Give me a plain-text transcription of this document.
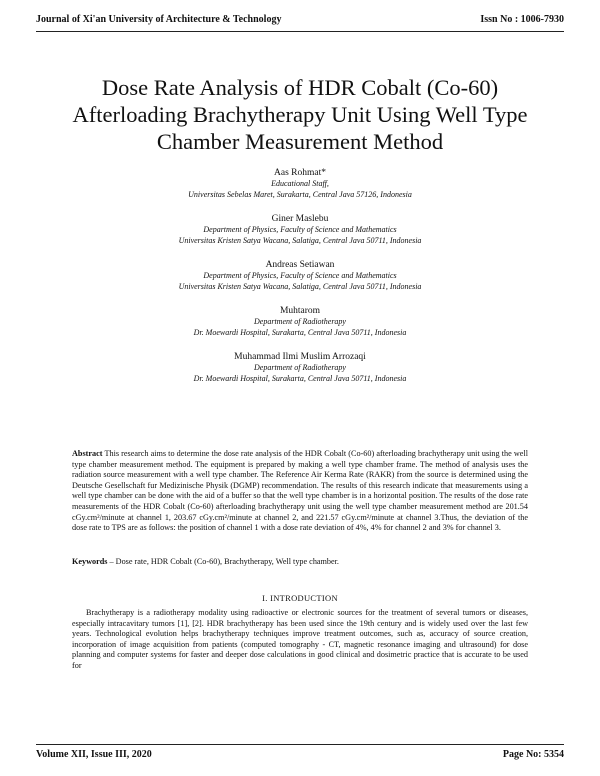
Journal of Xi'an University of Architecture & Technology	Issn No : 1006-7930
Dose Rate Analysis of HDR Cobalt (Co-60) Afterloading Brachytherapy Unit Using Well Type Chamber Measurement Method
Aas Rohmat*
Educational Staff,
Universitas Sebelas Maret, Surakarta, Central Java 57126, Indonesia
Giner Maslebu
Department of Physics, Faculty of Science and Mathematics
Universitas Kristen Satya Wacana, Salatiga, Central Java 50711, Indonesia
Andreas Setiawan
Department of Physics, Faculty of Science and Mathematics
Universitas Kristen Satya Wacana, Salatiga, Central Java 50711, Indonesia
Muhtarom
Department of Radiotherapy
Dr. Moewardi Hospital, Surakarta, Central Java 50711, Indonesia
Muhammad Ilmi Muslim Arrozaqi
Department of Radiotherapy
Dr. Moewardi Hospital, Surakarta, Central Java 50711, Indonesia
Abstract This research aims to determine the dose rate analysis of the HDR Cobalt (Co-60) afterloading brachytherapy unit using the well type chamber measurement method. The equipment is prepared by making a well type chamber frame. The method of analysis uses the radiation source measurement with a well type chamber. The Reference Air Kerma Rate (RAKR) from the source is determined using the Deutsche Gesellschaft fur Medizinische Physik (DGMP) recommendation. The results of this research indicate that measurements using a well type chamber can be done with the aid of a buffer so that the well type chamber is in a horizontal position. The results of the dose rate measurements of the HDR Cobalt (Co-60) afterloading brachytherapy unit using the well type chamber measurement method are 201.54 cGy.cm²/minute at channel 1, 203.67 cGy.cm²/minute at channel 2, and 221.57 cGy.cm²/minute at channel 3.Thus, the deviation of the dose rate to TPS are as follows: the position of channel 1 with a dose rate deviation of 4%, 4% for channel 2 and 3% for channel 3.
Keywords – Dose rate, HDR Cobalt (Co-60), Brachytherapy, Well type chamber.
I. INTRODUCTION
Brachytherapy is a radiotherapy modality using radioactive or electronic sources for the treatment of several tumors or diseases, especially intracavitary tumors [1], [2]. HDR brachytherapy has been used since the 19th century and is widely used over the last few years. Technological evolution helps brachytherapy techniques improve treatment outcomes, such as, accuracy of source creation, incorporation of image acquisition from patients (computed tomography - CT, magnetic resonance imaging and ultrasound) for dose planning and computer systems for faster and deeper dose calculations in good clinical and dosimetric practice that is accurate to be used for
Volume XII, Issue III, 2020	Page No: 5354
